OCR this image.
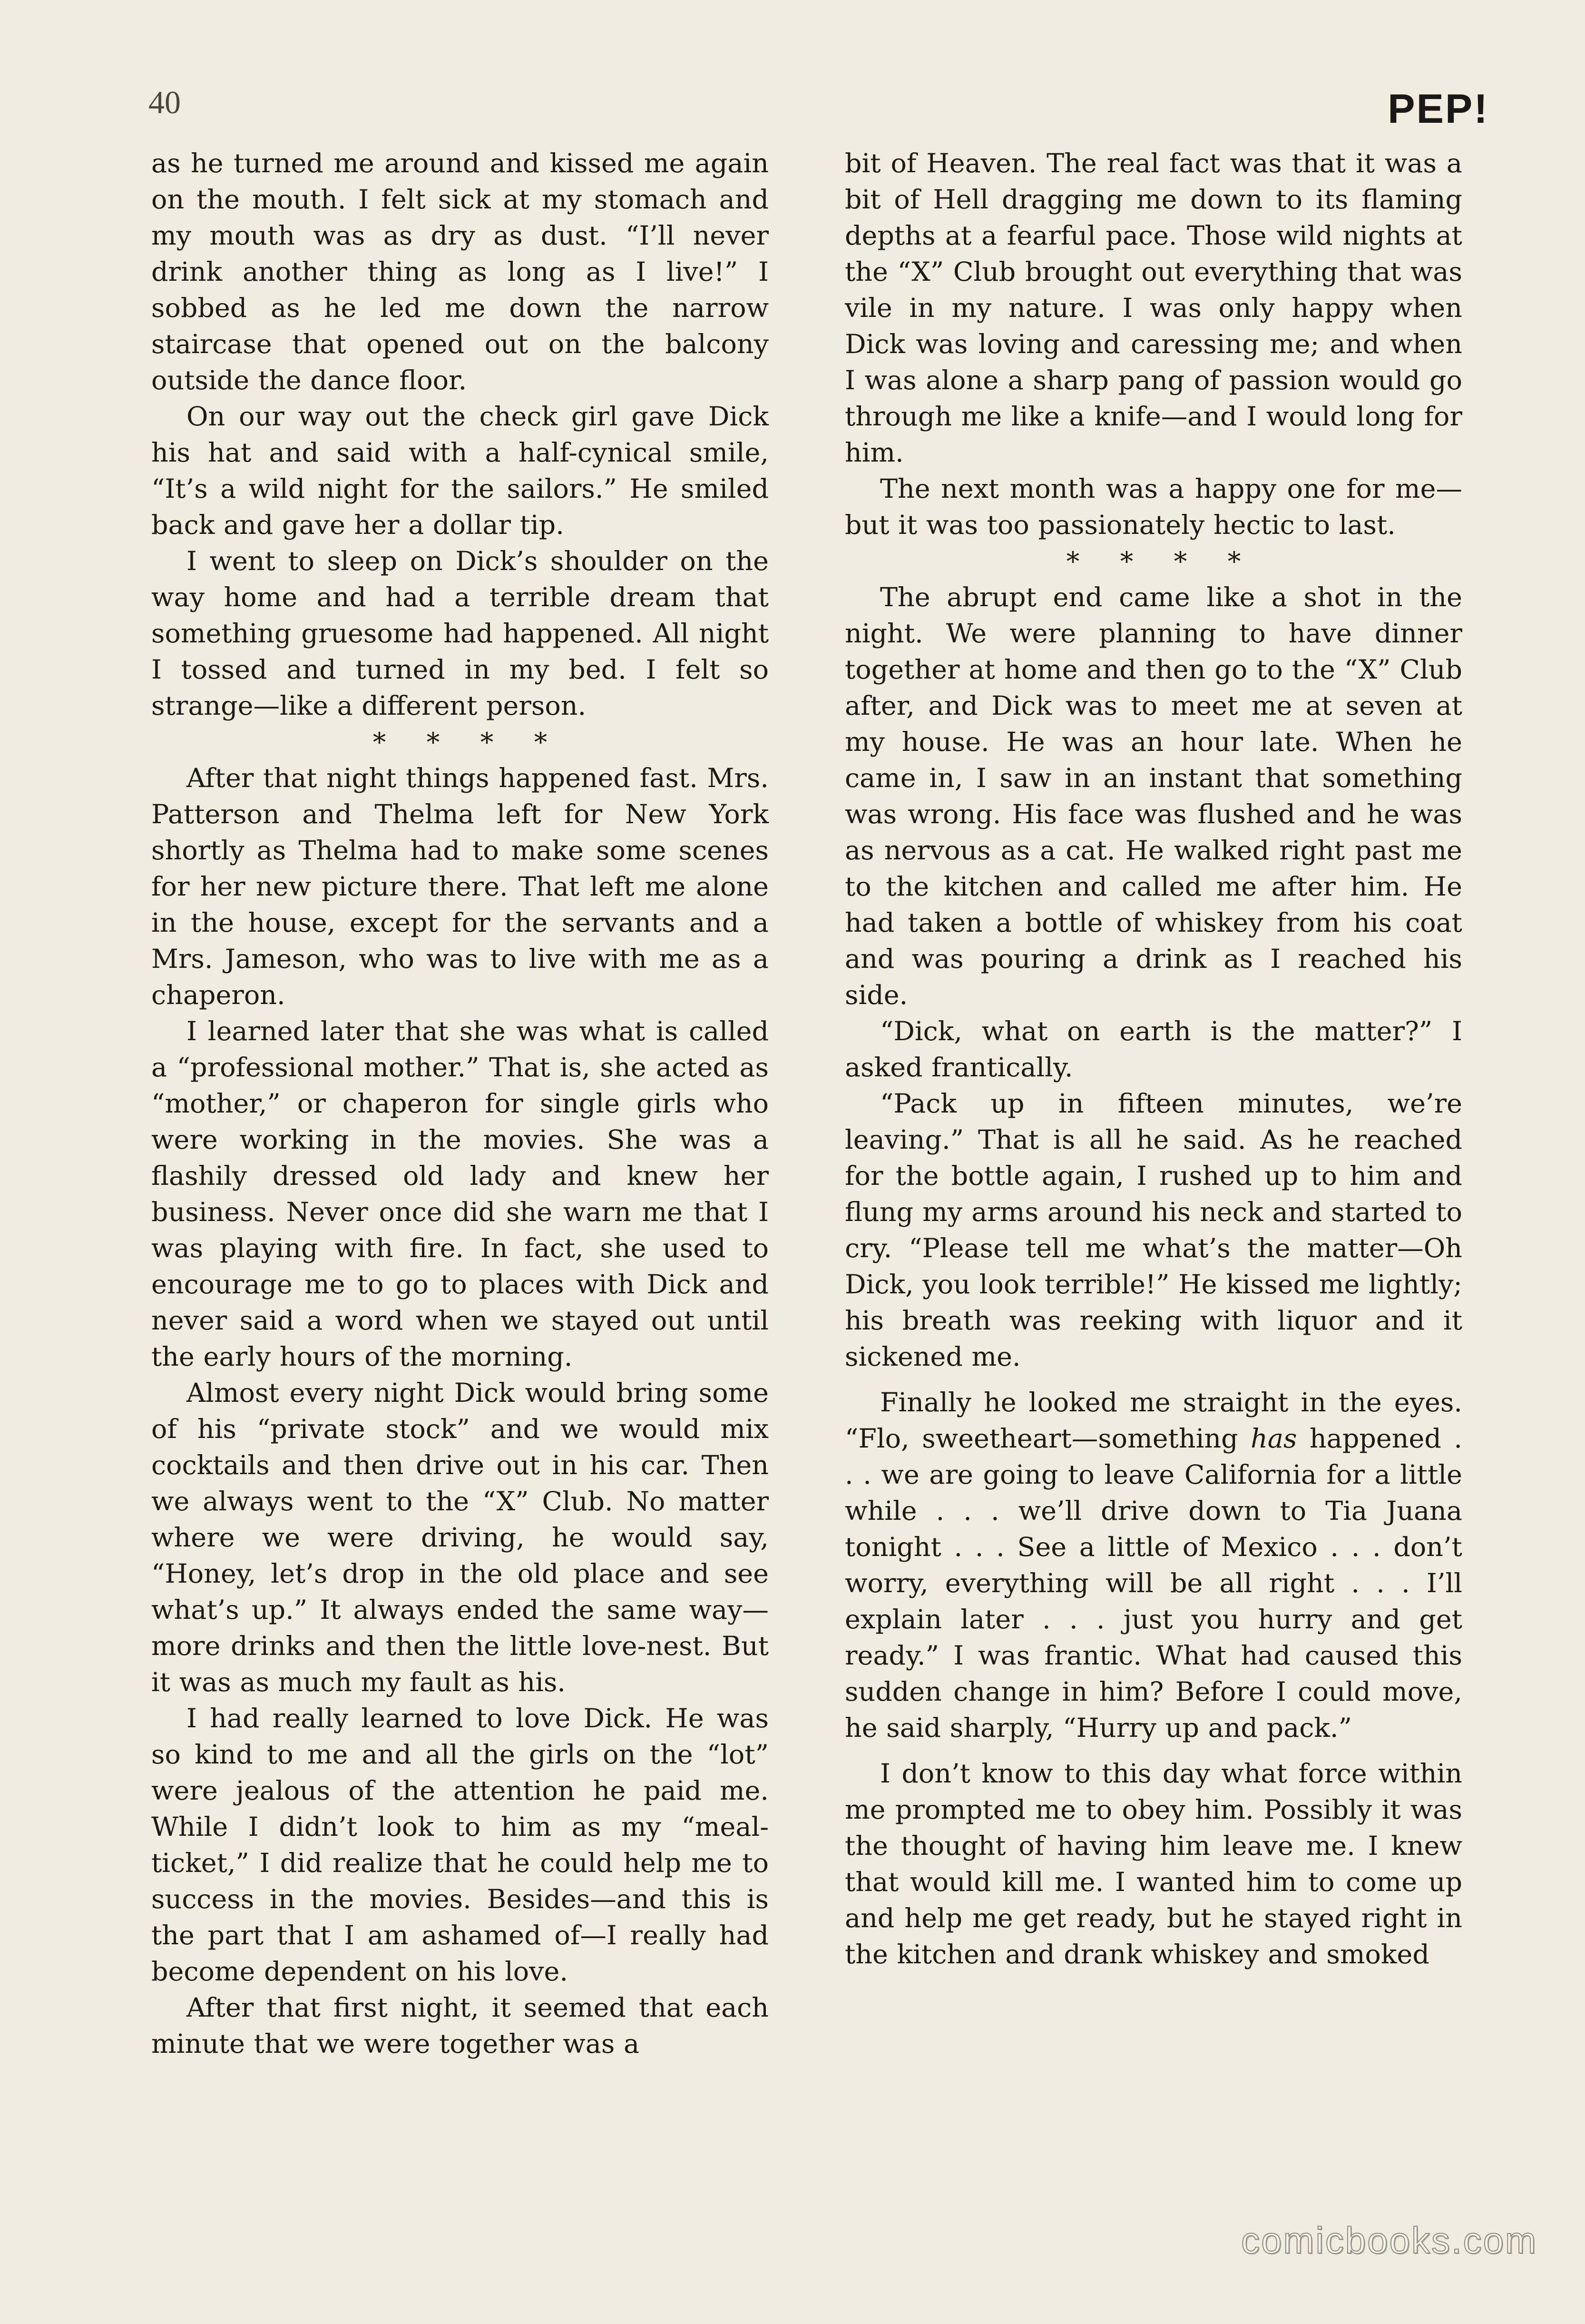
40	PEP!

as he turned me around and kissed me again on the mouth. I felt sick at my stomach and my mouth was as dry as dust. “I’ll never drink another thing as long as I live!” I sobbed as he led me down the narrow staircase that opened out on the balcony outside the dance floor.

On our way out the check girl gave Dick his hat and said with a half-cynical smile, “It’s a wild night for the sailors.” He smiled back and gave her a dollar tip.

I went to sleep on Dick’s shoulder on the way home and had a terrible dream that something gruesome had happened. All night I tossed and turned in my bed. I felt so strange—like a different person.

* * * *

After that night things happened fast. Mrs. Patterson and Thelma left for New York shortly as Thelma had to make some scenes for her new picture there. That left me alone in the house, except for the servants and a Mrs. Jameson, who was to live with me as a chaperon.

I learned later that she was what is called a “professional mother.” That is, she acted as “mother,” or chaperon for single girls who were working in the movies. She was a flashily dressed old lady and knew her business. Never once did she warn me that I was playing with fire. In fact, she used to encourage me to go to places with Dick and never said a word when we stayed out until the early hours of the morning.

Almost every night Dick would bring some of his “private stock” and we would mix cocktails and then drive out in his car. Then we always went to the “X” Club. No matter where we were driving, he would say, “Honey, let’s drop in the old place and see what’s up.” It always ended the same way—more drinks and then the little love-nest. But it was as much my fault as his.

I had really learned to love Dick. He was so kind to me and all the girls on the “lot” were jealous of the attention he paid me. While I didn’t look to him as my “meal-ticket,” I did realize that he could help me to success in the movies. Besides—and this is the part that I am ashamed of—I really had become dependent on his love.

After that first night, it seemed that each minute that we were together was a

bit of Heaven. The real fact was that it was a bit of Hell dragging me down to its flaming depths at a fearful pace. Those wild nights at the “X” Club brought out everything that was vile in my nature. I was only happy when Dick was loving and caressing me; and when I was alone a sharp pang of passion would go through me like a knife—and I would long for him.

The next month was a happy one for me—but it was too passionately hectic to last.

* * * *

The abrupt end came like a shot in the night. We were planning to have dinner together at home and then go to the “X” Club after, and Dick was to meet me at seven at my house. He was an hour late. When he came in, I saw in an instant that something was wrong. His face was flushed and he was as nervous as a cat. He walked right past me to the kitchen and called me after him. He had taken a bottle of whiskey from his coat and was pouring a drink as I reached his side.

“Dick, what on earth is the matter?” I asked frantically.

“Pack up in fifteen minutes, we’re leaving.” That is all he said. As he reached for the bottle again, I rushed up to him and flung my arms around his neck and started to cry. “Please tell me what’s the matter—Oh Dick, you look terrible!” He kissed me lightly; his breath was reeking with liquor and it sickened me.

Finally he looked me straight in the eyes. “Flo, sweetheart—something has happened . . . we are going to leave California for a little while . . . we’ll drive down to Tia Juana tonight . . . See a little of Mexico . . . don’t worry, everything will be all right . . . I’ll explain later . . . just you hurry and get ready.” I was frantic. What had caused this sudden change in him? Before I could move, he said sharply, “Hurry up and pack.”

I don’t know to this day what force within me prompted me to obey him. Possibly it was the thought of having him leave me. I knew that would kill me. I wanted him to come up and help me get ready, but he stayed right in the kitchen and drank whiskey and smoked

comicbooks.com
